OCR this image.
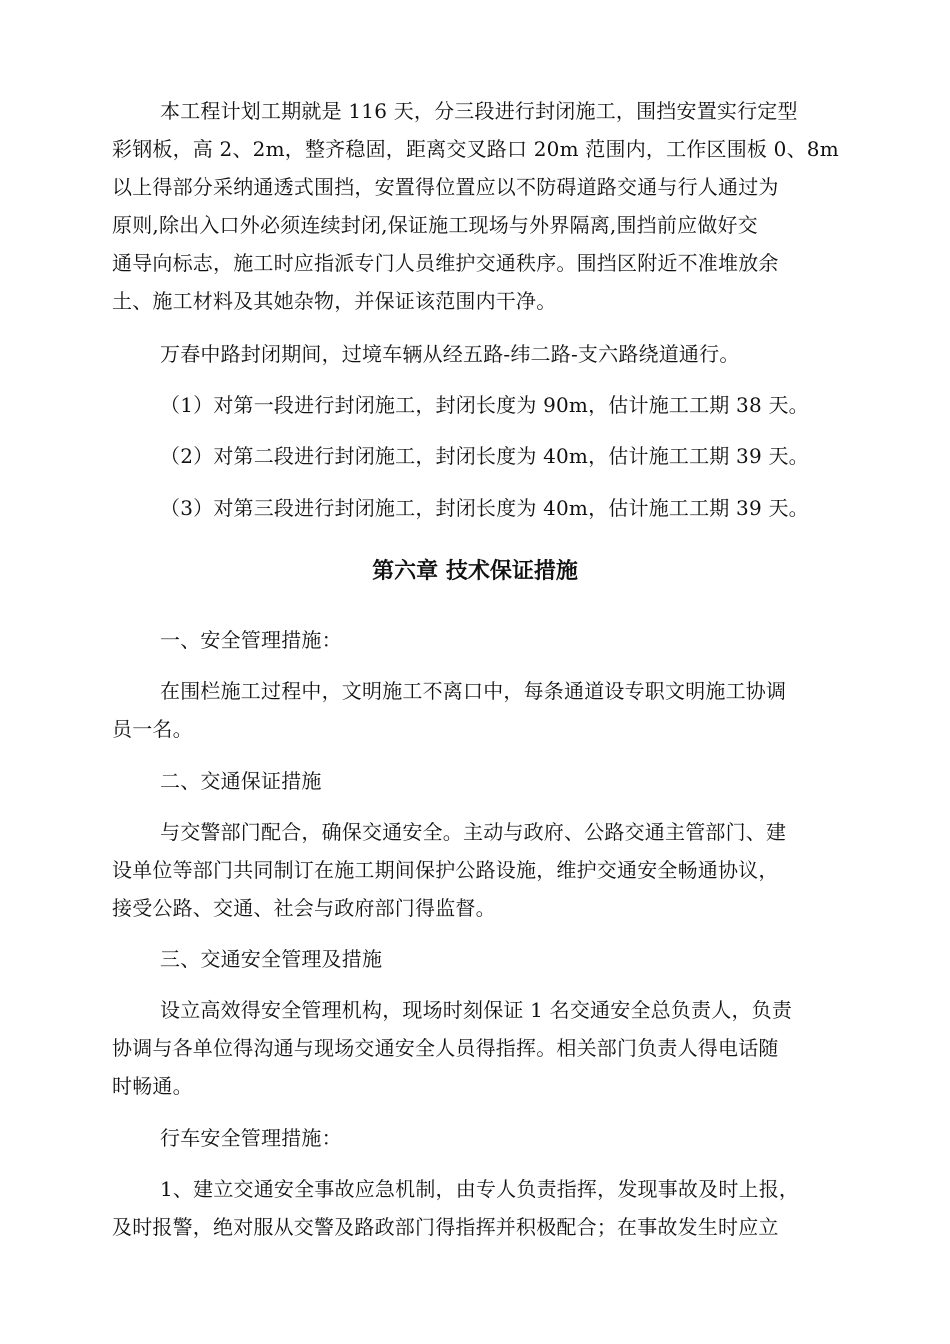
本工程计划工期就是 116 天，分三段进行封闭施工，围挡安置实行定型
彩钢板，高 2、2m，整齐稳固，距离交叉路口 20m 范围内，工作区围板 0、8m
以上得部分采纳通透式围挡，安置得位置应以不防碍道路交通与行人通过为
原则,除出入口外必须连续封闭,保证施工现场与外界隔离,围挡前应做好交
通导向标志，施工时应指派专门人员维护交通秩序。围挡区附近不准堆放余
土、施工材料及其她杂物，并保证该范围内干净。
万春中路封闭期间，过境车辆从经五路-纬二路-支六路绕道通行。
（1）对第一段进行封闭施工，封闭长度为 90m，估计施工工期 38 天。
（2）对第二段进行封闭施工，封闭长度为 40m，估计施工工期 39 天。
（3）对第三段进行封闭施工，封闭长度为 40m，估计施工工期 39 天。
第六章 技术保证措施
一、安全管理措施：
在围栏施工过程中，文明施工不离口中，每条通道设专职文明施工协调
员一名。
二、交通保证措施
与交警部门配合，确保交通安全。主动与政府、公路交通主管部门、建
设单位等部门共同制订在施工期间保护公路设施，维护交通安全畅通协议，
接受公路、交通、社会与政府部门得监督。
三、交通安全管理及措施
设立高效得安全管理机构，现场时刻保证 1 名交通安全总负责人，负责
协调与各单位得沟通与现场交通安全人员得指挥。相关部门负责人得电话随
时畅通。
行车安全管理措施：
1、建立交通安全事故应急机制，由专人负责指挥，发现事故及时上报，
及时报警，绝对服从交警及路政部门得指挥并积极配合；在事故发生时应立
